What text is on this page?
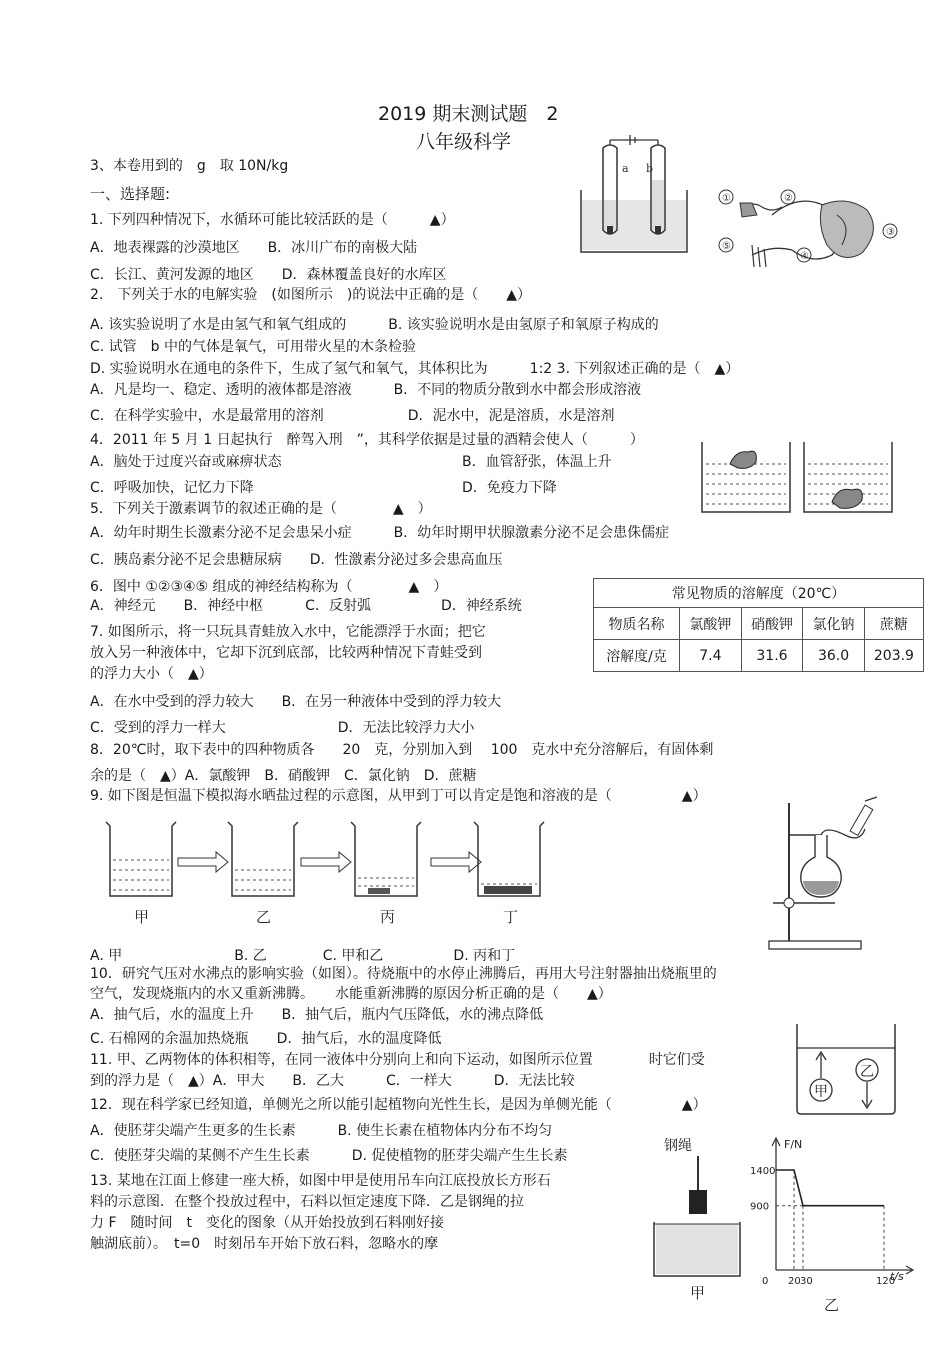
2019 期末测试题　2
八年级科学
3、本卷用到的　g　取 10N/kg
一、选择题:
1. 下列四种情况下，水循环可能比较活跃的是（　　　▲）
A．地表裸露的沙漠地区　　B．冰川广布的南极大陆
C．长江、黄河发源的地区　　D．森林覆盖良好的水库区
2.　下列关于水的电解实验　(如图所示　)的说法中正确的是（　　▲）
A. 该实验说明了水是由氢气和氧气组成的　　　B. 该实验说明水是由氢原子和氧原子构成的
C. 试管　b 中的气体是氧气，可用带火星的木条检验
D. 实验说明水在通电的条件下，生成了氢气和氧气，其体积比为　　　1:2 3. 下列叙述正确的是（　▲）
A．凡是均一、稳定、透明的液体都是溶液　　　B．不同的物质分散到水中都会形成溶液
C．在科学实验中，水是最常用的溶剂　　　　　　D．泥水中，泥是溶质，水是溶剂
4．2011 年 5 月 1 日起执行　醉驾入刑　”，其科学依据是过量的酒精会使人（　　　）
A．脑处于过度兴奋或麻痹状态	B．血管舒张，体温上升
C．呼吸加快，记忆力下降	D．免疫力下降
5．下列关于激素调节的叙述正确的是（　　　　▲　）
A．幼年时期生长激素分泌不足会患呆小症　　　B．幼年时期甲状腺激素分泌不足会患侏儒症
C．胰岛素分泌不足会患糖尿病　　D．性激素分泌过多会患高血压
6．图中 ①②③④⑤ 组成的神经结构称为（　　　　▲　）
A．神经元　　B．神经中枢　　　C．反射弧　　　　　D．神经系统
7. 如图所示，将一只玩具青蛙放入水中，它能漂浮于水面；把它
放入另一种液体中，它却下沉到底部，比较两种情况下青蛙受到
的浮力大小（　▲）
A．在水中受到的浮力较大　　B．在另一种液体中受到的浮力较大
C．受到的浮力一样大　　　　　　　　D．无法比较浮力大小
8．20℃时，取下表中的四种物质各　　20　克，分别加入到　 100　克水中充分溶解后，有固体剩
余的是（　▲）A．氯酸钾　B．硝酸钾　C．氯化钠　D．蔗糖
9. 如下图是恒温下模拟海水晒盐过程的示意图，从甲到丁可以肯定是饱和溶液的是（　　　　　▲）
A. 甲　　　　　　　　B. 乙　　　　C. 甲和乙　　　　　D. 丙和丁
10．研究气压对水沸点的影响实验（如图）。待烧瓶中的水停止沸腾后，再用大号注射器抽出烧瓶里的
空气，发现烧瓶内的水又重新沸腾。　　水能重新沸腾的原因分析正确的是（　　▲）
A．抽气后，水的温度上升　　B．抽气后，瓶内气压降低，水的沸点降低
C. 石棉网的余温加热烧瓶　　D．抽气后，水的温度降低
11. 甲、乙两物体的体积相等，在同一液体中分别向上和向下运动，如图所示位置　　　　时它们受
到的浮力是（　▲）A．甲大　　B．乙大　　　C．一样大　　　D．无法比较
12．现在科学家已经知道，单侧光之所以能引起植物向光性生长，是因为单侧光能（　　　　　▲）
A．使胚芽尖端产生更多的生长素　　　B. 使生长素在植物体内分布不均匀
C．使胚芽尖端的某侧不产生生长素　　　D. 促使植物的胚芽尖端产生生长素
13. 某地在江面上修建一座大桥，如图中甲是使用吊车向江底投放长方形石
料的示意图．在整个投放过程中，石料以恒定速度下降．乙是钢绳的拉
力 F　随时间　t　变化的图象（从开始投放到石料刚好接
触湖底前）。　t=0　时刻吊车开始下放石料，忽略水的摩
a b
①	②
③
④
⑤
常见物质的溶解度（20℃）				
物质名称	氯酸钾	硝酸钾	氯化钠	蔗糖
溶解度/克	7.4	31.6	36.0	203.9
甲	乙	丙	丁
甲
乙
钢绳
甲
F/N
t/s
1400
900
0 20 30	120
乙
